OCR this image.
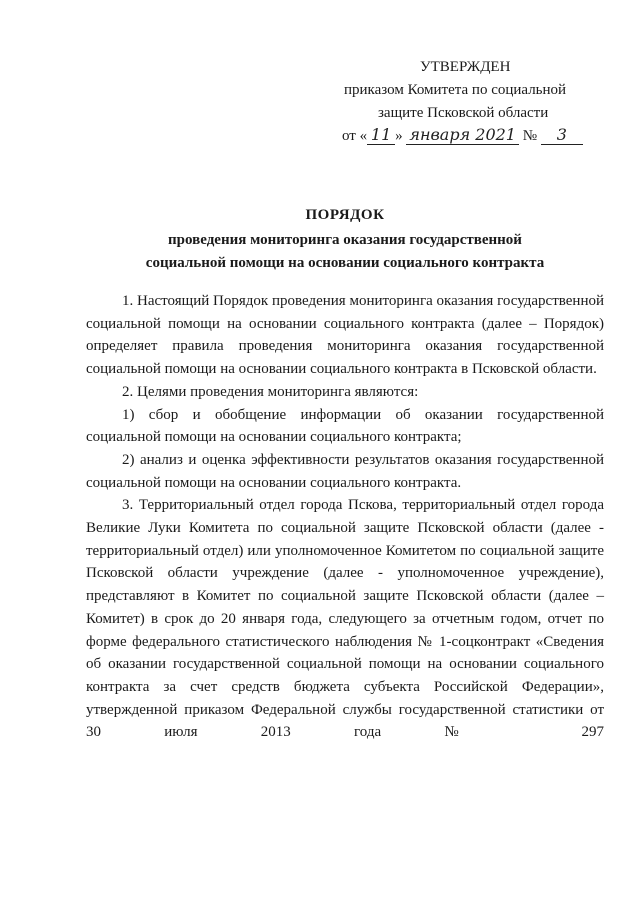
УТВЕРЖДЕН
приказом Комитета по социальной
защите Псковской области
от « 11 » января 2021 № 3
ПОРЯДОК
проведения мониторинга оказания государственной
социальной помощи на основании социального контракта

1. Настоящий Порядок проведения мониторинга оказания государственной социальной помощи на основании социального контракта (далее – Порядок) определяет правила проведения мониторинга оказания государственной социальной помощи на основании социального контракта в Псковской области.

2. Целями проведения мониторинга являются:

1) сбор и обобщение информации об оказании государственной социальной помощи на основании социального контракта;

2) анализ и оценка эффективности результатов оказания государственной социальной помощи на основании социального контракта.

3. Территориальный отдел города Пскова, территориальный отдел города Великие Луки Комитета по социальной защите Псковской области (далее - территориальный отдел) или уполномоченное Комитетом по социальной защите Псковской области учреждение (далее - уполномоченное учреждение), представляют в Комитет по социальной защите Псковской области (далее – Комитет) в срок до 20 января года, следующего за отчетным годом, отчет по форме федерального статистического наблюдения № 1-соцконтракт «Сведения об оказании государственной социальной помощи на основании социального контракта за счет средств бюджета субъекта Российской Федерации», утвержденной приказом Федеральной службы государственной статистики от 30 июля 2013 года № 297
